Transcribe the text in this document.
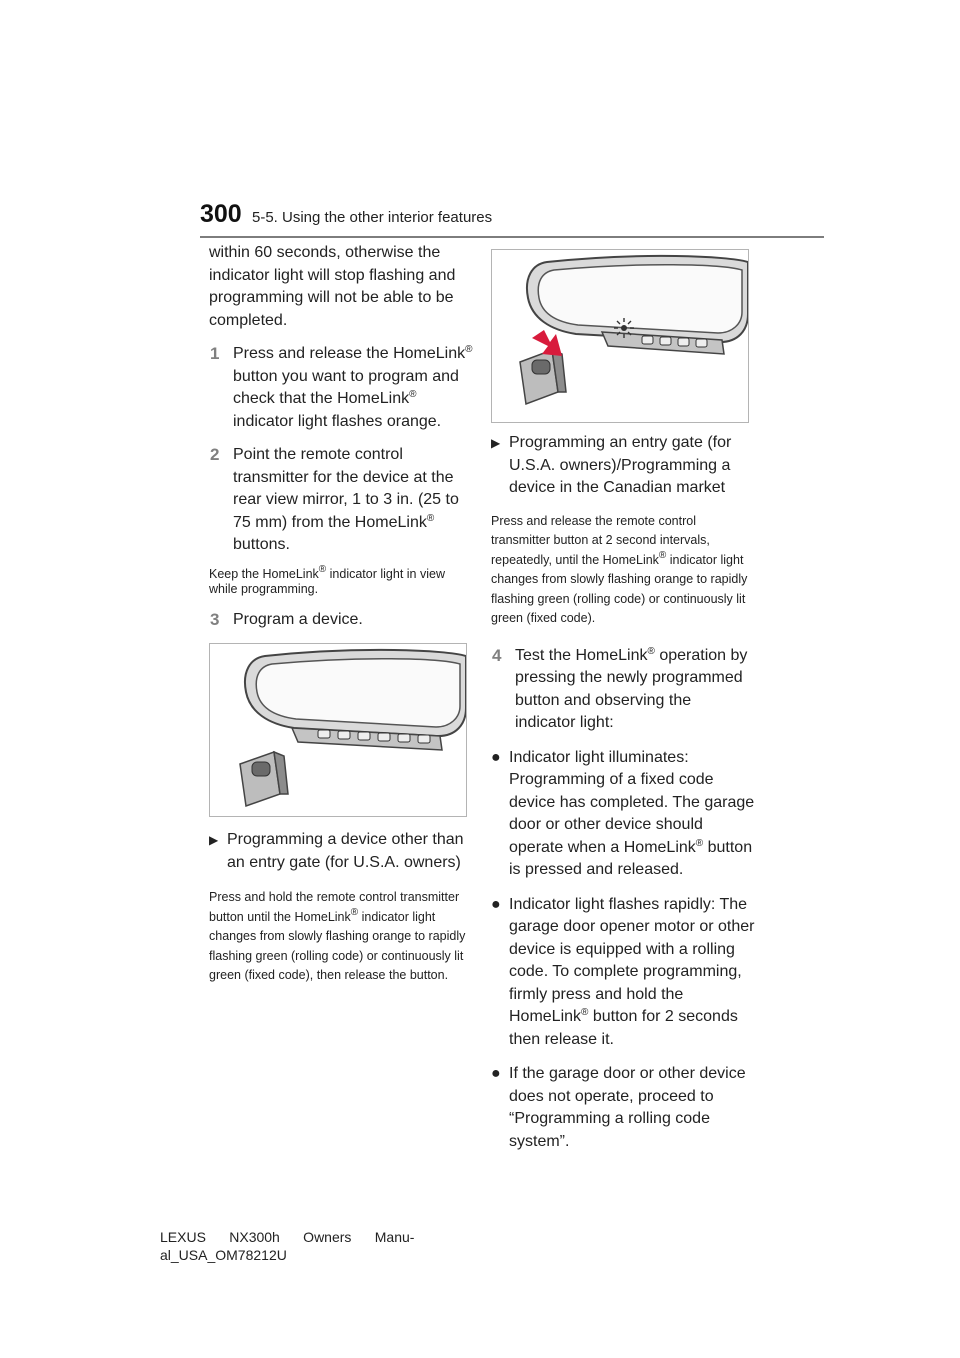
300 5-5. Using the other interior features

within 60 seconds, otherwise the indicator light will stop flashing and programming will not be able to be completed.

1 Press and release the HomeLink® button you want to program and check that the HomeLink® indicator light flashes orange.
2 Point the remote control transmitter for the device at the rear view mirror, 1 to 3 in. (25 to 75 mm) from the HomeLink® buttons.

Keep the HomeLink® indicator light in view while programming.

3 Program a device.
▶ Programming a device other than an entry gate (for U.S.A. owners)

Press and hold the remote control transmitter button until the HomeLink® indicator light changes from slowly flashing orange to rapidly flashing green (rolling code) or continuously lit green (fixed code), then release the button.

▶ Programming an entry gate (for U.S.A. owners)/Programming a device in the Canadian market

Press and release the remote control transmitter button at 2 second intervals, repeatedly, until the HomeLink® indicator light changes from slowly flashing orange to rapidly flashing green (rolling code) or continuously lit green (fixed code).

4 Test the HomeLink® operation by pressing the newly programmed button and observing the indicator light:
● Indicator light illuminates: Programming of a fixed code device has completed. The garage door or other device should operate when a HomeLink® button is pressed and released.
● Indicator light flashes rapidly: The garage door opener motor or other device is equipped with a rolling code. To complete programming, firmly press and hold the HomeLink® button for 2 seconds then release it.
● If the garage door or other device does not operate, proceed to “Programming a rolling code system”.
LEXUS      NX300h      Owners      Manu-
al_USA_OM78212U
